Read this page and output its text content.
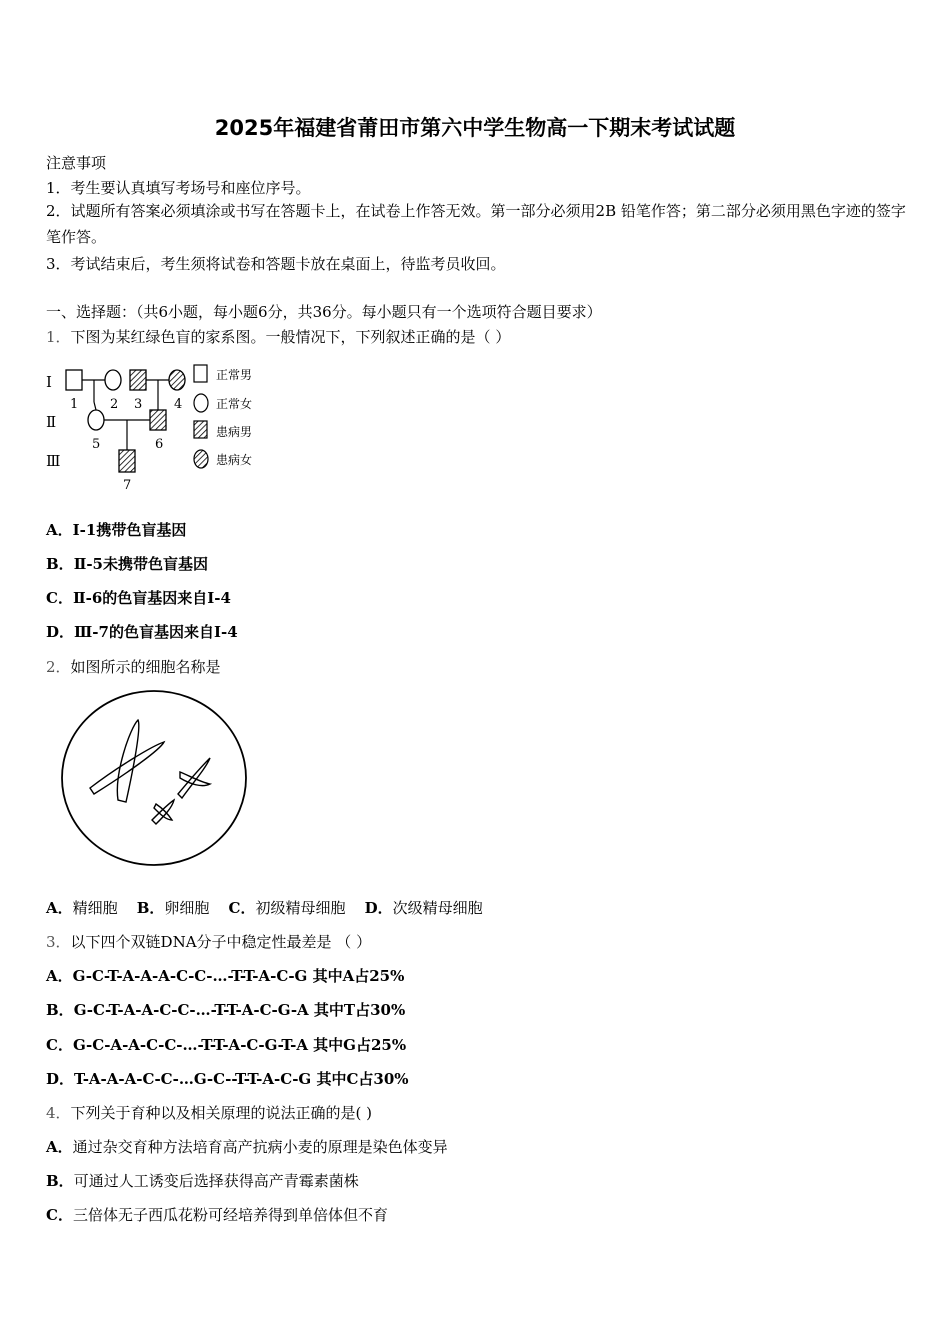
2025年福建省莆田市第六中学生物高一下期末考试试题
注意事项
1．考生要认真填写考场号和座位序号。
2．试题所有答案必须填涂或书写在答题卡上，在试卷上作答无效。第一部分必须用2B 铅笔作答；第二部分必须用黑色字迹的签字笔作答。
3．考试结束后，考生须将试卷和答题卡放在桌面上，待监考员收回。
一、选择题：（共6小题，每小题6分，共36分。每小题只有一个选项符合题目要求）
1．下图为某红绿色盲的家系图。一般情况下，下列叙述正确的是（ ）
Ⅰ
Ⅱ
Ⅲ
1 2 3 4
5	6
7
正常男
正常女
患病男
患病女
A．Ⅰ-1携带色盲基因
B．Ⅱ-5未携带色盲基因
C．Ⅱ-6的色盲基因来自Ⅰ-4
D．Ⅲ-7的色盲基因来自Ⅰ-4
2．如图所示的细胞名称是
A．精细胞 B．卵细胞 C．初级精母细胞 D．次级精母细胞
3．以下四个双链DNA分子中稳定性最差是 （ ）
A．G-C-T-A-A-A-C-C-…-T-T-A-C-G 其中A占25%
B．G-C-T-A-A-C-C-…-T-T-A-C-G-A 其中T占30%
C．G-C-A-A-C-C-…-T-T-A-C-G-T-A 其中G占25%
D．T-A-A-A-C-C-…G-C--T-T-A-C-G 其中C占30%
4．下列关于育种以及相关原理的说法正确的是( )
A．通过杂交育种方法培育高产抗病小麦的原理是染色体变异
B．可通过人工诱变后选择获得高产青霉素菌株
C．三倍体无子西瓜花粉可经培养得到单倍体但不育
